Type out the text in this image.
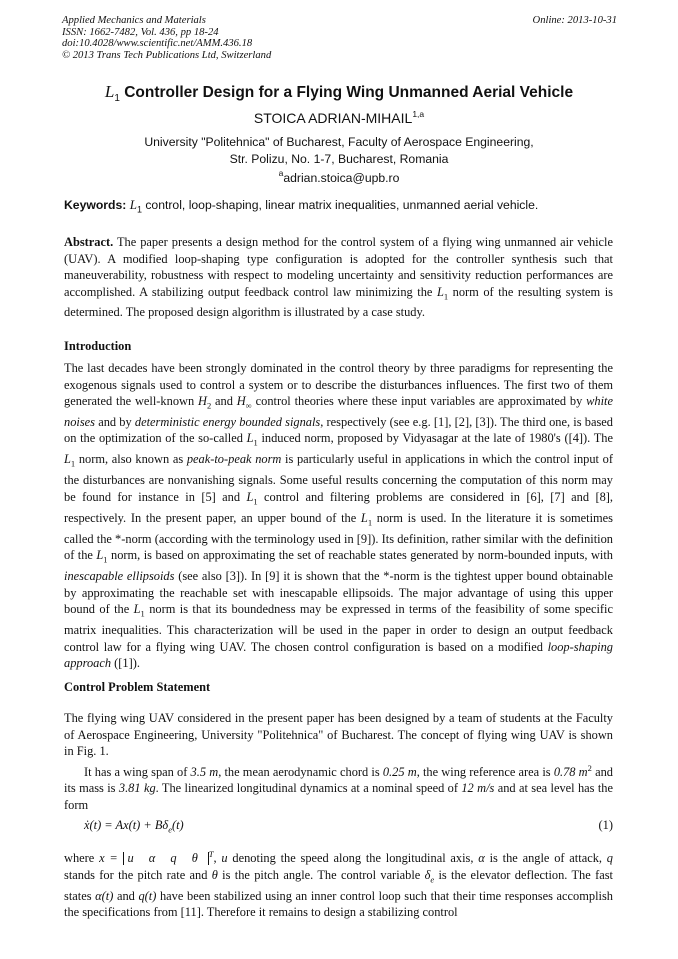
Applied Mechanics and Materials
ISSN: 1662-7482, Vol. 436, pp 18-24
doi:10.4028/www.scientific.net/AMM.436.18
© 2013 Trans Tech Publications Ltd, Switzerland
Online: 2013-10-31
$L_1$ Controller Design for a Flying Wing Unmanned Aerial Vehicle
STOICA ADRIAN-MIHAIL$^{1,a}$
University "Politehnica" of Bucharest, Faculty of Aerospace Engineering,
Str. Polizu, No. 1-7, Bucharest, Romania
$^a$adrian.stoica@upb.ro
Keywords: $L_1$ control, loop-shaping, linear matrix inequalities, unmanned aerial vehicle.

Abstract. The paper presents a design method for the control system of a flying wing unmanned air vehicle (UAV). A modified loop-shaping type configuration is adopted for the controller synthesis such that maneuverability, robustness with respect to modeling uncertainty and sensitivity reduction performances are accomplished. A stabilizing output feedback control law minimizing the $L_1$ norm of the resulting system is determined. The proposed design algorithm is illustrated by a case study.

Introduction

The last decades have been strongly dominated in the control theory by three paradigms for representing the exogenous signals used to control a system or to describe the disturbances influences. The first two of them generated the well-known $H_2$ and $H_\infty$ control theories where these input variables are approximated by white noises and by deterministic energy bounded signals, respectively (see e.g. [1], [2], [3]). The third one, is based on the optimization of the so-called $L_1$ induced norm, proposed by Vidyasagar at the late of 1980's ([4]). The $L_1$ norm, also known as peak-to-peak norm is particularly useful in applications in which the control input of the disturbances are nonvanishing signals. Some useful results concerning the computation of this norm may be found for instance in [5] and $L_1$ control and filtering problems are considered in [6], [7] and [8], respectively. In the present paper, an upper bound of the $L_1$ norm is used. In the literature it is sometimes called the *-norm (according with the terminology used in [9]). Its definition, rather similar with the definition of the $L_1$ norm, is based on approximating the set of reachable states generated by norm-bounded inputs, with inescapable ellipsoids (see also [3]). In [9] it is shown that the *-norm is the tightest upper bound obtainable by approximating the reachable set with inescapable ellipsoids. The major advantage of using this upper bound of the $L_1$ norm is that its boundedness may be expressed in terms of the feasibility of some specific matrix inequalities. This characterization will be used in the paper in order to design an output feedback control law for a flying wing UAV. The chosen control configuration is based on a modified loop-shaping approach ([1]).

Control Problem Statement

The flying wing UAV considered in the present paper has been designed by a team of students at the Faculty of Aerospace Engineering, University "Politehnica" of Bucharest. The concept of flying wing UAV is shown in Fig. 1.

It has a wing span of 3.5 m, the mean aerodynamic chord is 0.25 m, the wing reference area is 0.78 $m^2$ and its mass is 3.81 kg. The linearized longitudinal dynamics at a nominal speed of 12 m/s and at sea level has the form

ẋ(t) = $Ax(t) + B\delta_e(t)$	(1)

where x = u α q θ $^T$, u denoting the speed along the longitudinal axis, α is the angle of attack, q stands for the pitch rate and θ is the pitch angle. The control variable $\delta_e$ is the elevator deflection. The fast states α(t) and q(t) have been stabilized using an inner control loop such that their time responses accomplish the specifications from [11]. Therefore it remains to design a stabilizing control
